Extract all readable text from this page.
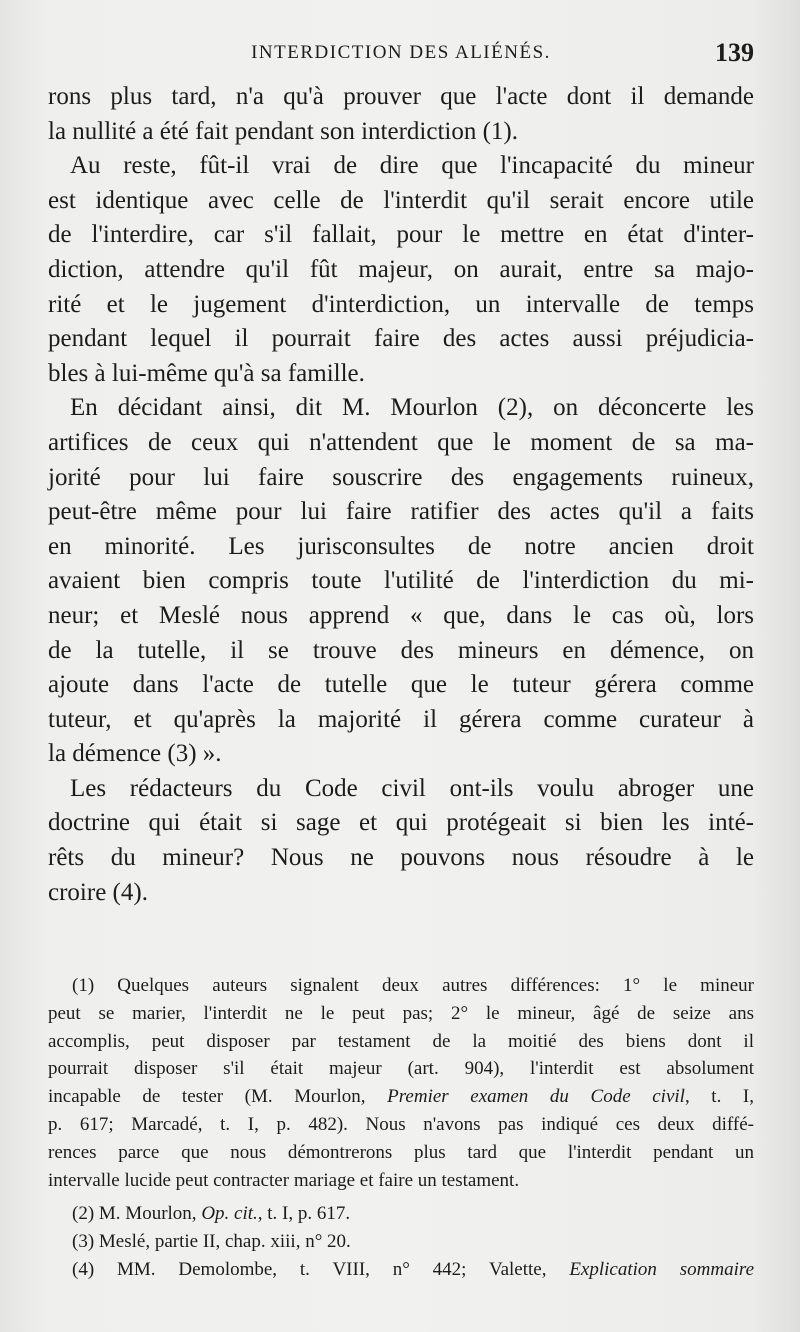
INTERDICTION DES ALIÉNÉS.	139
rons plus tard, n'a qu'à prouver que l'acte dont il demande
la nullité a été fait pendant son interdiction (1).
Au reste, fût-il vrai de dire que l'incapacité du mineur
est identique avec celle de l'interdit qu'il serait encore utile
de l'interdire, car s'il fallait, pour le mettre en état d'inter-
diction, attendre qu'il fût majeur, on aurait, entre sa majo-
rité et le jugement d'interdiction, un intervalle de temps
pendant lequel il pourrait faire des actes aussi préjudicia-
bles à lui-même qu'à sa famille.
En décidant ainsi, dit M. Mourlon (2), on déconcerte les
artifices de ceux qui n'attendent que le moment de sa ma-
jorité pour lui faire souscrire des engagements ruineux,
peut-être même pour lui faire ratifier des actes qu'il a faits
en minorité. Les jurisconsultes de notre ancien droit
avaient bien compris toute l'utilité de l'interdiction du mi-
neur; et Meslé nous apprend « que, dans le cas où, lors
de la tutelle, il se trouve des mineurs en démence, on
ajoute dans l'acte de tutelle que le tuteur gérera comme
tuteur, et qu'après la majorité il gérera comme curateur à
la démence (3) ».
Les rédacteurs du Code civil ont-ils voulu abroger une
doctrine qui était si sage et qui protégeait si bien les inté-
rêts du mineur? Nous ne pouvons nous résoudre à le
croire (4).
(1) Quelques auteurs signalent deux autres différences: 1° le mineur
peut se marier, l'interdit ne le peut pas; 2° le mineur, âgé de seize ans
accomplis, peut disposer par testament de la moitié des biens dont il
pourrait disposer s'il était majeur (art. 904), l'interdit est absolument
incapable de tester (M. Mourlon, Premier examen du Code civil, t. I,
p. 617; Marcadé, t. I, p. 482). Nous n'avons pas indiqué ces deux diffé-
rences parce que nous démontrerons plus tard que l'interdit pendant un
intervalle lucide peut contracter mariage et faire un testament.
(2) M. Mourlon, Op. cit., t. I, p. 617.
(3) Meslé, partie II, chap. xiii, n° 20.
(4) MM. Demolombe, t. VIII, n° 442; Valette, Explication sommaire
